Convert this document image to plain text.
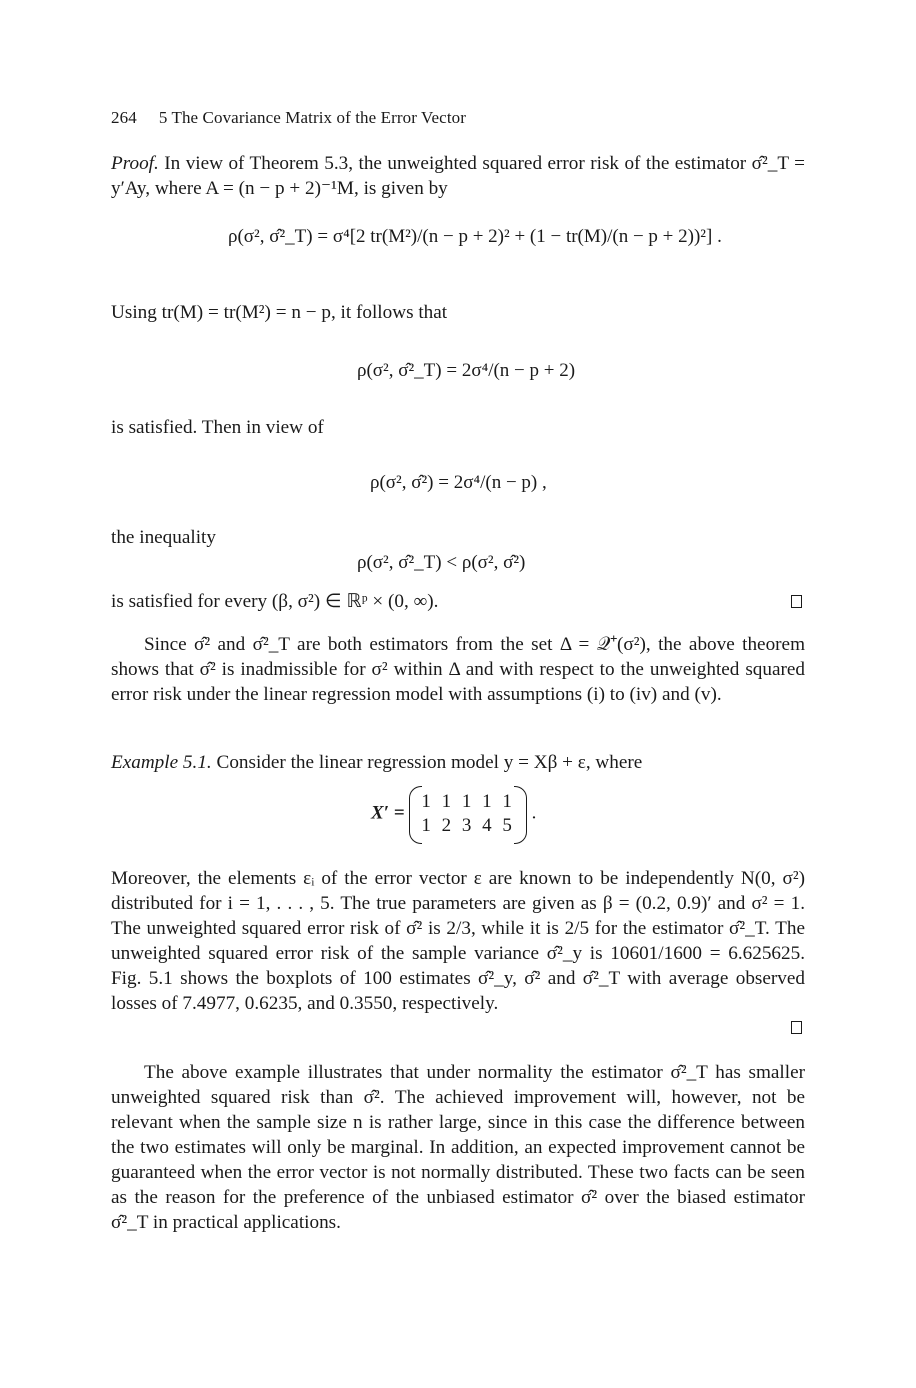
264 5 The Covariance Matrix of the Error Vector

Proof. In view of Theorem 5.3, the unweighted squared error risk of the estimator σ̂²_T = y′Ay, where A = (n − p + 2)⁻¹M, is given by

ρ(σ², σ̂²_T) = σ⁴[2 tr(M²)/(n − p + 2)² + (1 − tr(M)/(n − p + 2))²] .

Using tr(M) = tr(M²) = n − p, it follows that

ρ(σ², σ̂²_T) = 2σ⁴/(n − p + 2)

is satisfied. Then in view of

ρ(σ², σ̂²) = 2σ⁴/(n − p) ,

the inequality

ρ(σ², σ̂²_T) < ρ(σ², σ̂²)

is satisfied for every (β, σ²) ∈ ℝᵖ × (0, ∞).

Since σ̂² and σ̂²_T are both estimators from the set Δ = 𝒬⁺(σ²), the above theorem shows that σ̂² is inadmissible for σ² within Δ and with respect to the unweighted squared error risk under the linear regression model with assumptions (i) to (iv) and (v).

Example 5.1. Consider the linear regression model y = Xβ + ε, where

X′ =
1 1 1 1 1
1 2 3 4 5
.

Moreover, the elements εᵢ of the error vector ε are known to be independently N(0, σ²) distributed for i = 1, . . . , 5. The true parameters are given as β = (0.2, 0.9)′ and σ² = 1. The unweighted squared error risk of σ̂² is 2/3, while it is 2/5 for the estimator σ̂²_T. The unweighted squared error risk of the sample variance σ̂²_y is 10601/1600 = 6.625625. Fig. 5.1 shows the boxplots of 100 estimates σ̂²_y, σ̂² and σ̂²_T with average observed losses of 7.4977, 0.6235, and 0.3550, respectively.

The above example illustrates that under normality the estimator σ̂²_T has smaller unweighted squared risk than σ̂². The achieved improvement will, however, not be relevant when the sample size n is rather large, since in this case the difference between the two estimates will only be marginal. In addition, an expected improvement cannot be guaranteed when the error vector is not normally distributed. These two facts can be seen as the reason for the preference of the unbiased estimator σ̂² over the biased estimator σ̂²_T in practical applications.
